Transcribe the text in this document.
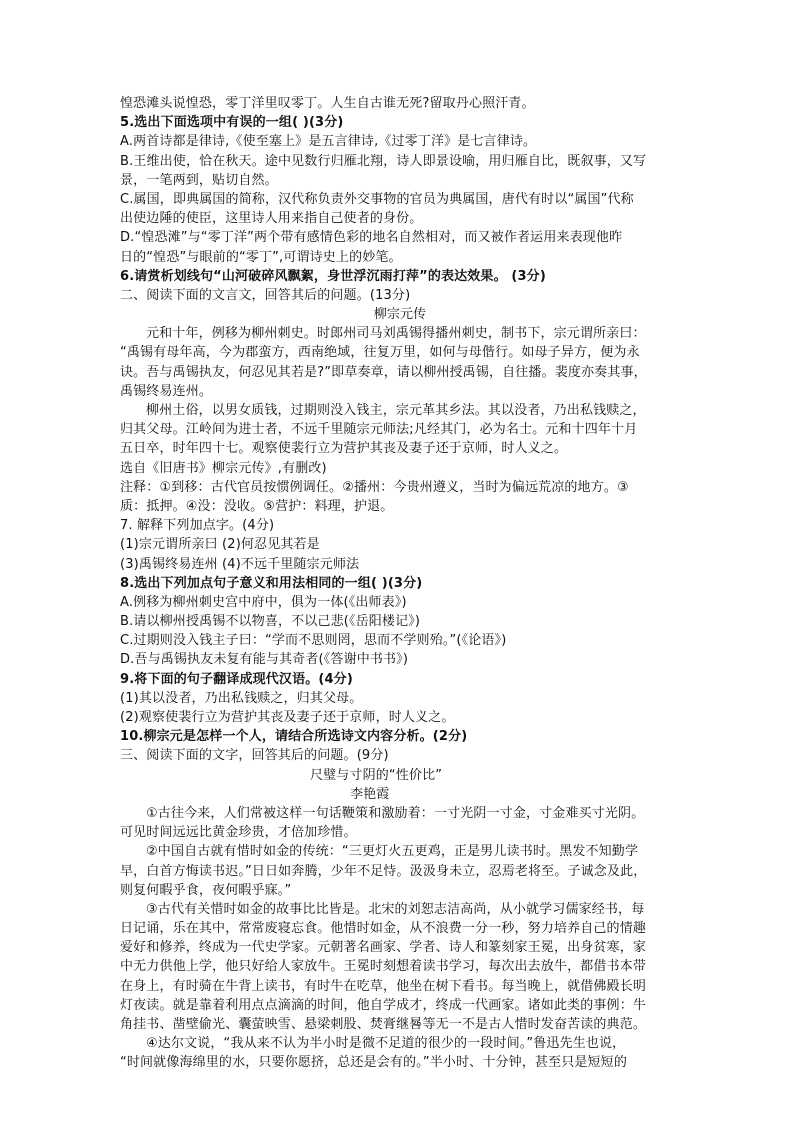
惶恐滩头说惶恐，零丁洋里叹零丁。人生自古谁无死?留取丹心照汗青。
5.选出下面选项中有误的一组( )(3分)
A.两首诗都是律诗,《使至塞上》是五言律诗,《过零丁洋》是七言律诗。
B.王维出使，恰在秋天。途中见数行归雁北翔，诗人即景设喻，用归雁自比，既叙事，又写
景，一笔两到，贴切自然。
C.属国，即典属国的简称，汉代称负责外交事物的官员为典属国，唐代有时以“属国”代称
出使边陲的使臣，这里诗人用来指自己使者的身份。
D.“惶恐滩”与“零丁洋”两个带有感情色彩的地名自然相对，而又被作者运用来表现他昨
日的“惶恐”与眼前的“零丁”,可谓诗史上的妙笔。
6.请赏析划线句“山河破碎风飘絮，身世浮沉雨打萍”的表达效果。 (3分)
二、阅读下面的文言文，回答其后的问题。(13分)
柳宗元传
元和十年，例移为柳州刺史。时郎州司马刘禹锡得播州刺史，制书下，宗元谓所亲曰：
“禹锡有母年高，今为郡蛮方，西南绝域，往复万里，如何与母偕行。如母子异方，便为永
诀。吾与禹锡执友，何忍见其若是?”即草奏章，请以柳州授禹锡，自往播。裴度亦奏其事，
禹锡终易连州。
柳州土俗，以男女质钱，过期则没入钱主，宗元革其乡法。其以没者，乃出私钱赎之，
归其父母。江岭间为进士者，不远千里随宗元师法;凡经其门，必为名士。元和十四年十月
五日卒，时年四十七。观察使裴行立为营护其丧及妻子还于京师，时人义之。
选自《旧唐书》柳宗元传》,有删改)
注释：①到移：古代官员按惯例调任。②播州：今贵州遵义，当时为偏远荒凉的地方。③
质：抵押。④没：没收。⑤营护：料理，护退。
7. 解释下列加点字。(4分)
(1)宗元谓所亲曰 (2)何忍见其若是
(3)禹锡终易连州 (4)不远千里随宗元师法
8.选出下列加点句子意义和用法相同的一组( )(3分)
A.例移为柳州刺史宫中府中，俱为一体(《出师表》)
B.请以柳州授禹锡不以物喜，不以己悲(《岳阳楼记》)
C.过期则没入钱主子曰：“学而不思则罔，思而不学则殆。”(《论语》)
D.吾与禹锡执友未复有能与其奇者(《答谢中书书》)
9.将下面的句子翻译成现代汉语。(4分)
(1)其以没者，乃出私钱赎之，归其父母。
(2)观察使裴行立为营护其丧及妻子还于京师，时人义之。
10.柳宗元是怎样一个人，请结合所选诗文内容分析。(2分)
三、阅读下面的文字，回答其后的问题。(9分)
尺璧与寸阴的“性价比”
李艳霞
①古往今来，人们常被这样一句话鞭策和激励着：一寸光阴一寸金，寸金难买寸光阴。
可见时间远远比黄金珍贵，才倍加珍惜。
②中国自古就有惜时如金的传统：“三更灯火五更鸡，正是男儿读书时。黑发不知勤学
早，白首方悔读书迟。”日日如奔腾，少年不足恃。汲汲身未立，忍焉老将至。子诚念及此，
则复何暇乎食，夜何暇乎寐。”
③古代有关惜时如金的故事比比皆是。北宋的刘恕志洁高尚，从小就学习儒家经书，每
日记诵，乐在其中，常常废寝忘食。他惜时如金，从不浪费一分一秒，努力培养自己的情趣
爱好和修养，终成为一代史学家。元朝著名画家、学者、诗人和篆刻家王冕，出身贫寒，家
中无力供他上学，他只好给人家放牛。王冕时刻想着读书学习，每次出去放牛，都借书本带
在身上，有时骑在牛背上读书，有时牛在吃草，他坐在树下看书。每当晚上，就借佛殿长明
灯夜读。就是靠着利用点点滴滴的时间，他自学成才，终成一代画家。诸如此类的事例：牛
角挂书、凿壁偷光、囊萤映雪、悬梁刺股、焚膏继晷等无一不是古人惜时发奋苦读的典范。
④达尔文说，“我从来不认为半小时是微不足道的很少的一段时间。”鲁迅先生也说，
“时间就像海绵里的水，只要你愿挤，总还是会有的。”半小时、十分钟，甚至只是短短的
